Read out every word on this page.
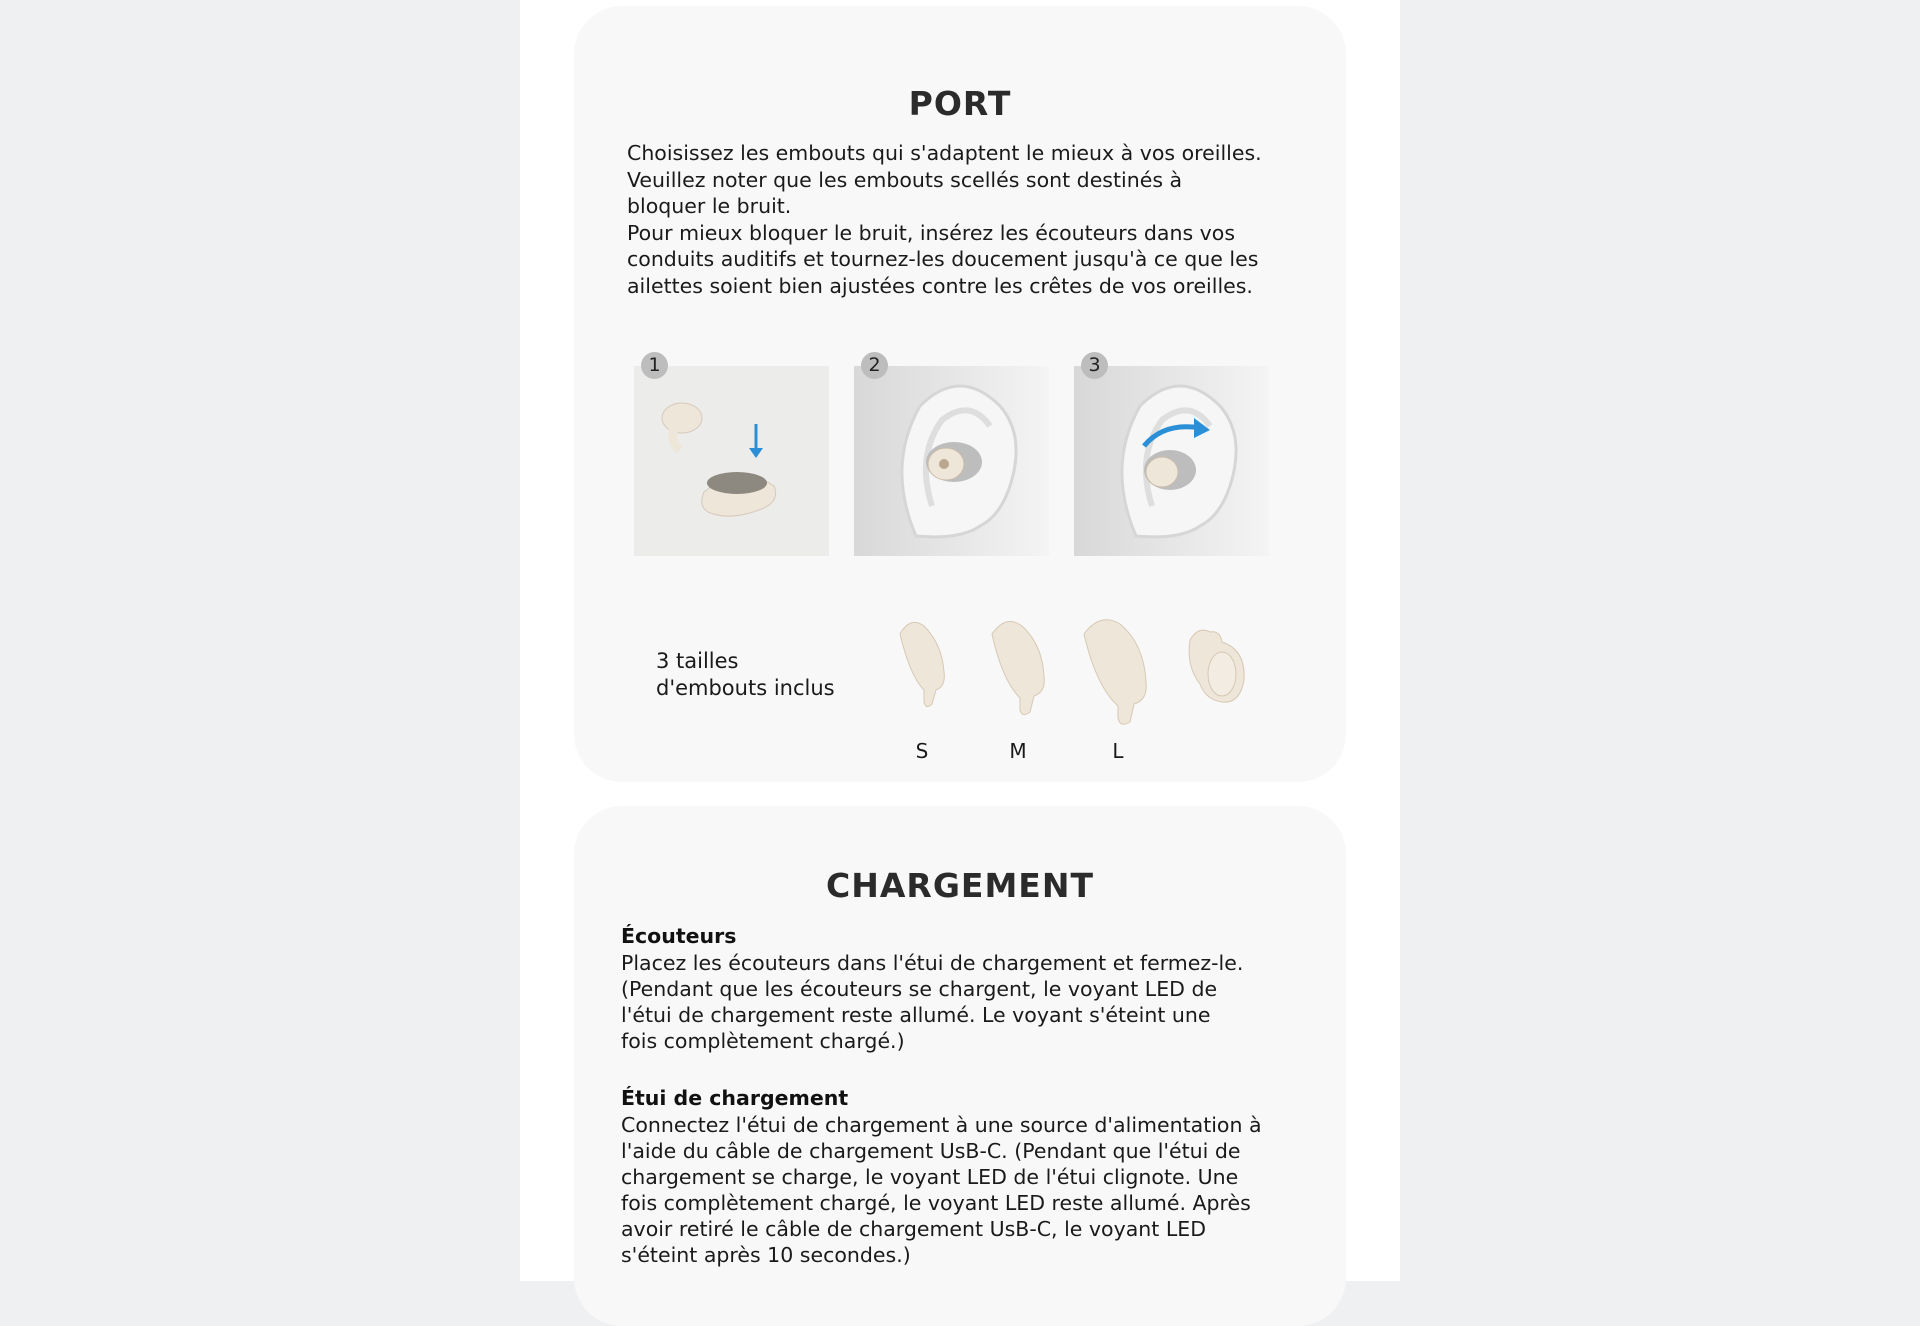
PORT
Choisissez les embouts qui s'adaptent le mieux à vos oreilles.
Veuillez noter que les embouts scellés sont destinés à
bloquer le bruit.
Pour mieux bloquer le bruit, insérez les écouteurs dans vos
conduits auditifs et tournez-les doucement jusqu'à ce que les
ailettes soient bien ajustées contre les crêtes de vos oreilles.
1	2	3
3 tailles
d'embouts inclus
S	M	L
CHARGEMENT
Écouteurs
Placez les écouteurs dans l'étui de chargement et fermez-le.
(Pendant que les écouteurs se chargent, le voyant LED de
l'étui de chargement reste allumé. Le voyant s'éteint une
fois complètement chargé.)
Étui de chargement
Connectez l'étui de chargement à une source d'alimentation à
l'aide du câble de chargement UsB-C. (Pendant que l'étui de
chargement se charge, le voyant LED de l'étui clignote. Une
fois complètement chargé, le voyant LED reste allumé. Après
avoir retiré le câble de chargement UsB-C, le voyant LED
s'éteint après 10 secondes.)
